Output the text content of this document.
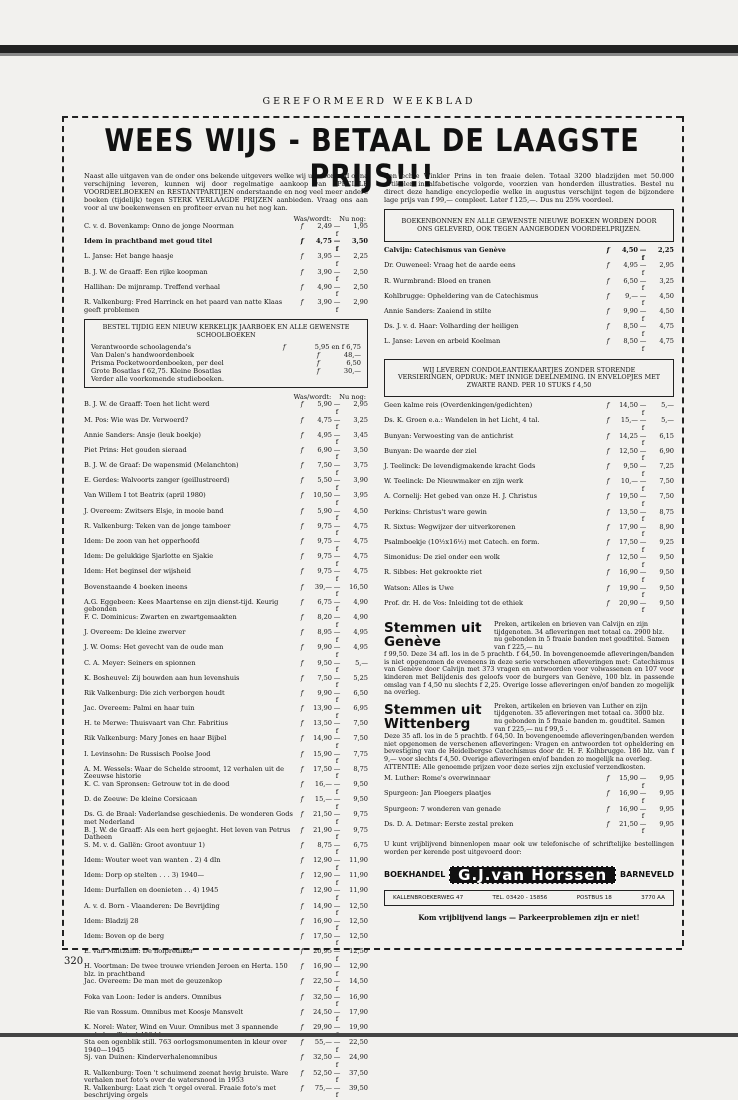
GEREFORMEERD WEEKBLAD
WEES WIJS - BETAAL DE LAAGSTE PRIJS!!!
Naast alle uitgaven van de onder ons bekende uitgevers welke wij uit voorraad of na verschijning leveren, kunnen wij door regelmatige aankoop van SPECIALE VOORDEELBOEKEN en RESTANTPARTIJEN onderstaande en nog veel meer andere boeken (tijdelijk) tegen STERK VERLAAGDE PRIJZEN aanbieden. Vraag ons aan voor al uw boekenwensen en profiteer ervan nu het nog kan.
Was/wordt: Nu nog:
C. v. d. Bovenkamp: Onno de jonge Noorman	f	2,49	— f	1,95
Idem in prachtband met goud titel	f	4,75	— f	3,50
L. Janse: Het bange haasje	f	3,95	— f	2,25
B. J. W. de Graaff: Een rijke koopman	f	3,90	— f	2,50
Hallihan: De mijnramp. Treffend verhaal	f	4,90	— f	2,50
R. Valkenburg: Fred Harrinck en het paard van natte Klaas geeft problemen	f	3,90	— f	2,90
BESTEL TIJDIG EEN NIEUW KERKELIJK JAARBOEK EN ALLE GEWENSTE SCHOOLBOEKEN
Verantwoorde schoolagenda's	f	5,95 en f 6,75
Van Dalen's handwoordenboek	f	48,—
Prisma Pocketwoordenboeken, per deel	f	6,50
Grote Bosatlas f 62,75. Kleine Bosatlas	f	30,—
Verder alle voorkomende studieboeken.
Was/wordt: Nu nog:
B. J. W. de Graaff: Toen het licht werd	f	5,90	— f	2,95
M. Pos: Wie was Dr. Verwoerd?	f	4,75	— f	3,25
Annie Sanders: Ansje (leuk boekje)	f	4,95	— f	3,45
Piet Prins: Het gouden sieraad	f	6,90	— f	3,50
B. J. W. de Graaf: De wapensmid (Melanchton)	f	7,50	— f	3,75
E. Gerdes: Walvoorts zanger (geillustreerd)	f	5,50	— f	3,90
Van Willem I tot Beatrix (april 1980)	f	10,50	— f	3,95
J. Overeem: Zwitsers Elsje, in mooie band	f	5,90	— f	4,50
R. Valkenburg: Teken van de jonge tamboer	f	9,75	— f	4,75
Idem: De zoon van het opperhoofd	f	9,75	— f	4,75
Idem: De gelukkige Sjarlotte en Sjakie	f	9,75	— f	4,75
Idem: Het beginsel der wijsheid	f	9,75	— f	4,75
Bovenstaande 4 boeken ineens	f	39,—	— f	16,50
A.G. Eggebeen: Kees Maartense en zijn dienst-tijd. Keurig gebonden	f	6,75	— f	4,90
F. C. Dominicus: Zwarten en zwartgemaakten	f	8,20	— f	4,90
J. Overeem: De kleine zwerver	f	8,95	— f	4,95
J. W. Ooms: Het gevecht van de oude man	f	9,90	— f	4,95
C. A. Meyer: Seiners en spionnen	f	9,50	— f	5,—
K. Bosheuvel: Zij bouwden aan hun levenshuis	f	7,50	— f	5,25
Rik Valkenburg: Die zich verborgen houdt	f	9,90	— f	6,50
Jac. Overeem: Palmi en haar tuin	f	13,90	— f	6,95
H. te Merwe: Thuisvaart van Chr. Fabritius	f	13,50	— f	7,50
Rik Valkenburg: Mary Jones en haar Bijbel	f	14,90	— f	7,50
I. Levinsohn: De Russisch Poolse Jood	f	15,90	— f	7,75
A. M. Wessels: Waar de Schelde stroomt, 12 verhalen uit de Zeeuwse historie	f	17,50	— f	8,75
K. C. van Spronsen: Getrouw tot in de dood	f	16,—	— f	9,50
D. de Zeeuw: De kleine Corsicaan	f	15,—	— f	9,50
Ds. G. de Braal: Vaderlandse geschiedenis. De wonderen Gods met Nederland	f	21,50	— f	9,75
B. J. W. de Graaff: Als een hert gejaeght. Het leven van Petrus Datheen	f	21,90	— f	9,75
S. M. v. d. Gallën: Groot avontuur 1)	f	8,75	— f	6,75
Idem: Wouter weet van wanten . 2) 4 dln	f	12,90	— f	11,90
Idem: Dorp op stelten . . . 3) 1940—	f	12,90	— f	11,90
Idem: Durfallen en doenieten . . 4) 1945	f	12,90	— f	11,90
A. v. d. Born - Vlaanderen: De Bevrijding	f	14,90	— f	12,50
Idem: Bladzij 28	f	16,90	— f	12,50
Idem: Boven op de berg	f	17,50	— f	12,50
E. van Maltzahn: De hofprediker	f	20,95	— f	12,50
H. Voortman: De twee trouwe vrienden Jeroen en Herta. 150 blz. in prachtband	f	16,90	— f	12,90
Jac. Overeem: De man met de geuzenkop	f	22,50	— f	14,50
Foka van Loon: Ieder is anders. Omnibus	f	32,50	— f	16,90
Rie van Rossum. Omnibus met Koosje Mansvelt	f	24,50	— f	17,90
K. Norel: Water, Wind en Vuur. Omnibus met 3 spannende	f	29,90	—	19,90
Sta een ogenblik still. 763 oorlogsmonumenten in kleur over 1940—1945	f	55,—	— f	22,50
Sj. van Duinen: Kinderverhalenomnibus	f	32,50	— f	24,90
R. Valkenburg: Toen 't schuimend zeenat hevig bruiste. Ware verhalen met foto's over de watersnood in 1953	f	52,50	— f	37,50
R. Valkenburg: Laat zich 't orgel overal. Fraaie foto's met beschrijving orgels	f	75,—	— f	39,50
Een echte Winkler Prins in ten fraaie delen. Totaal 3200 bladzijden met 50.000 artikelen in alfabetische volgorde, voorzien van honderden illustraties. Bestel nu direct deze handige encyclopedie welke in augustus verschijnt tegen de bijzondere lage prijs van f 99,— compleet. Later f 125,—. Dus nu 25% voordeel.
BOEKENBONNEN EN ALLE GEWENSTE NIEUWE BOEKEN WORDEN DOOR ONS GELEVERD, OOK TEGEN AANGEBODEN VOORDEELPRIJZEN.
Calvijn: Catechismus van Genève	f	4,50	— f	2,25
Dr. Ouweneel: Vraag het de aarde eens	f	4,95	— f	2,95
R. Wurmbrand: Bloed en tranen	f	6,50	— f	3,25
Kohlbrugge: Opheldering van de Catechismus	f	9,—	— f	4,50
Annie Sanders: Zaaiend in stilte	f	9,90	— f	4,50
Ds. J. v. d. Haar: Volharding der heiligen	f	8,50	— f	4,75
L. Janse: Leven en arbeid Koelman	f	8,50	— f	4,75
WIJ LEVEREN CONDOLEANTIEKAARTJES ZONDER STORENDE VERSIERINGEN, OPDRUK: MET INNIGE DEELNEMING. IN ENVELOPJES MET ZWARTE RAND. PER 10 STUKS f 4,50
Geen kalme reis (Overdenkingen/gedichten)	f	14,50	— f	5,—
Ds. K. Groen e.a.: Wandelen in het Licht, 4 tal.	f	15,—	— f	5,—
Bunyan: Verwoesting van de antichrist	f	14,25	— f	6,15
Bunyan: De waarde der ziel	f	12,50	— f	6,90
J. Teelinck: De levendigmakende kracht Gods	f	9,50	— f	7,25
W. Teelinck: De Nieuwmaker en zijn werk	f	10,—	— f	7,50
A. Cornelij: Het gebed van onze H. J. Christus	f	19,50	— f	7,50
Perkins: Christus't ware gewin	f	13,50	— f	8,75
R. Sixtus: Wegwijzer der uitverkorenen	f	17,90	— f	8,90
Psalmboekje (10½x16½) met Catech. en form.	f	17,50	— f	9,25
Simonidus: De ziel onder een wolk	f	12,50	— f	9,50
R. Sibbes: Het gekrookte riet	f	16,90	— f	9,50
Watson: Alles is Uwe	f	19,90	— f	9,50
Prof. dr. H. de Vos: Inleiding tot de ethiek	f	20,90	— f	9,50
Stemmen uit Genève
Preken, artikelen en brieven van Calvijn en zijn tijdgenoten. 34 afleveringen met totaal ca. 2900 blz. nu gebonden in 5 fraaie banden met goudtitel. Samen van f 225,— nu
f 99,50. Deze 34 afl. los in de 5 prachtb. f 64,50. In bovengenoemde afleveringen/banden is niet opgenomen de eveneens in deze serie verschenen afleveringen met: Catechismus van Genève door Calvijn met 373 vragen en antwoorden voor volwassenen en 107 voor kinderen met Belijdenis des geloofs voor de burgers van Genève, 100 blz. in passende omslag van f 4,50 nu slechts f 2,25. Overige losse afleveringen en/of banden zo mogelijk na overleg.
Stemmen uit Wittenberg
Preken, artikelen en brieven van Luther en zijn tijdgenoten. 35 afleveringen met totaal ca. 3000 blz. nu gebonden in 5 fraaie banden m. goudtitel. Samen van f 225,— nu f 99,5 .
Deze 35 afl. los in de 5 prachtb. f 64,50. In bovengenoemde afleveringen/banden werden niet opgenomen de verschenen afleveringen: Vragen en antwoorden tot opheldering en bevestiging van de Heidelbergse Catechismus door dr. H. F. Kolhbrugge. 186 blz. van f 9,— voor slechts f 4,50. Overige afleveringen en/of banden zo mogelijk na overleg.
ATTENTIE: Alle genoemde prijzen voor deze series zijn exclusief verzendkosten.
M. Luther: Rome's overwinnaar	f	15,90	— f	9,95
Spurgeon: Jan Ploegers plaatjes	f	16,90	— f	9,95
Spurgeon: 7 wonderen van genade	f	16,90	— f	9,95
Ds. D. A. Detmar: Eerste zestal preken	f	21,50	— f	9,95
U kunt vrijblijvend binnenlopen maar ook uw telefonische of schriftelijke bestellingen worden per kerende post uitgevoerd door:
BOEKHANDEL G.J.van Horssen	BARNEVELD
KALLENBROEKERWEG 47	TEL. 03420 - 15856	POSTBUS 18	3770 AA
Kom vrijblijvend langs — Parkeerproblemen zijn er niet!
320
